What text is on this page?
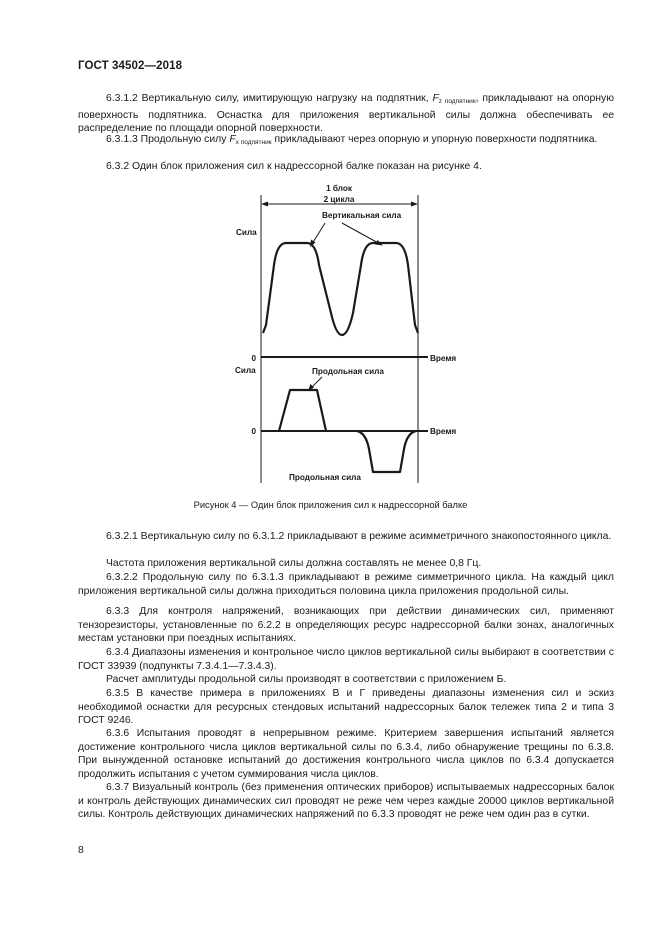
ГОСТ 34502—2018

6.3.1.2 Вертикальную силу, имитирующую нагрузку на подпятник, $F_{z подпятник}$, прикладывают на опорную поверхность подпятника. Оснастка для приложения вертикальной силы должна обеспечивать ее распределение по площади опорной поверхности.

6.3.1.3 Продольную силу $F_{x подпятник}$ прикладывают через опорную и упорную поверхности подпятника.

6.3.2 Один блок приложения сил к надрессорной балке показан на рисунке 4.

1 блок
2 цикла
Вертикальная сила
Сила
0	Время
Сила	Продольная сила
0	Время
Продольная сила
Рисунок 4 — Один блок приложения сил к надрессорной балке

6.3.2.1 Вертикальную силу по 6.3.1.2 прикладывают в режиме асимметричного знакопостоянного цикла.

Частота приложения вертикальной силы должна составлять не менее 0,8 Гц.

6.3.2.2 Продольную силу по 6.3.1.3 прикладывают в режиме симметричного цикла. На каждый цикл приложения вертикальной силы должна приходиться половина цикла приложения продольной силы.

6.3.3 Для контроля напряжений, возникающих при действии динамических сил, применяют тензорезисторы, установленные по 6.2.2 в определяющих ресурс надрессорной балки зонах, аналогичных местам установки при поездных испытаниях.

6.3.4 Диапазоны изменения и контрольное число циклов вертикальной силы выбирают в соответствии с ГОСТ 33939 (подпункты 7.3.4.1—7.3.4.3).

Расчет амплитуды продольной силы производят в соответствии с приложением Б.

6.3.5 В качестве примера в приложениях В и Г приведены диапазоны изменения сил и эскиз необходимой оснастки для ресурсных стендовых испытаний надрессорных балок тележек типа 2 и типа 3 ГОСТ 9246.

6.3.6 Испытания проводят в непрерывном режиме. Критерием завершения испытаний является достижение контрольного числа циклов вертикальной силы по 6.3.4, либо обнаружение трещины по 6.3.8. При вынужденной остановке испытаний до достижения контрольного числа циклов по 6.3.4 допускается продолжить испытания с учетом суммирования числа циклов.

6.3.7 Визуальный контроль (без применения оптических приборов) испытываемых надрессорных балок и контроль действующих динамических сил проводят не реже чем через каждые 20000 циклов вертикальной силы. Контроль действующих динамических напряжений по 6.3.3 проводят не реже чем один раз в сутки.

8
